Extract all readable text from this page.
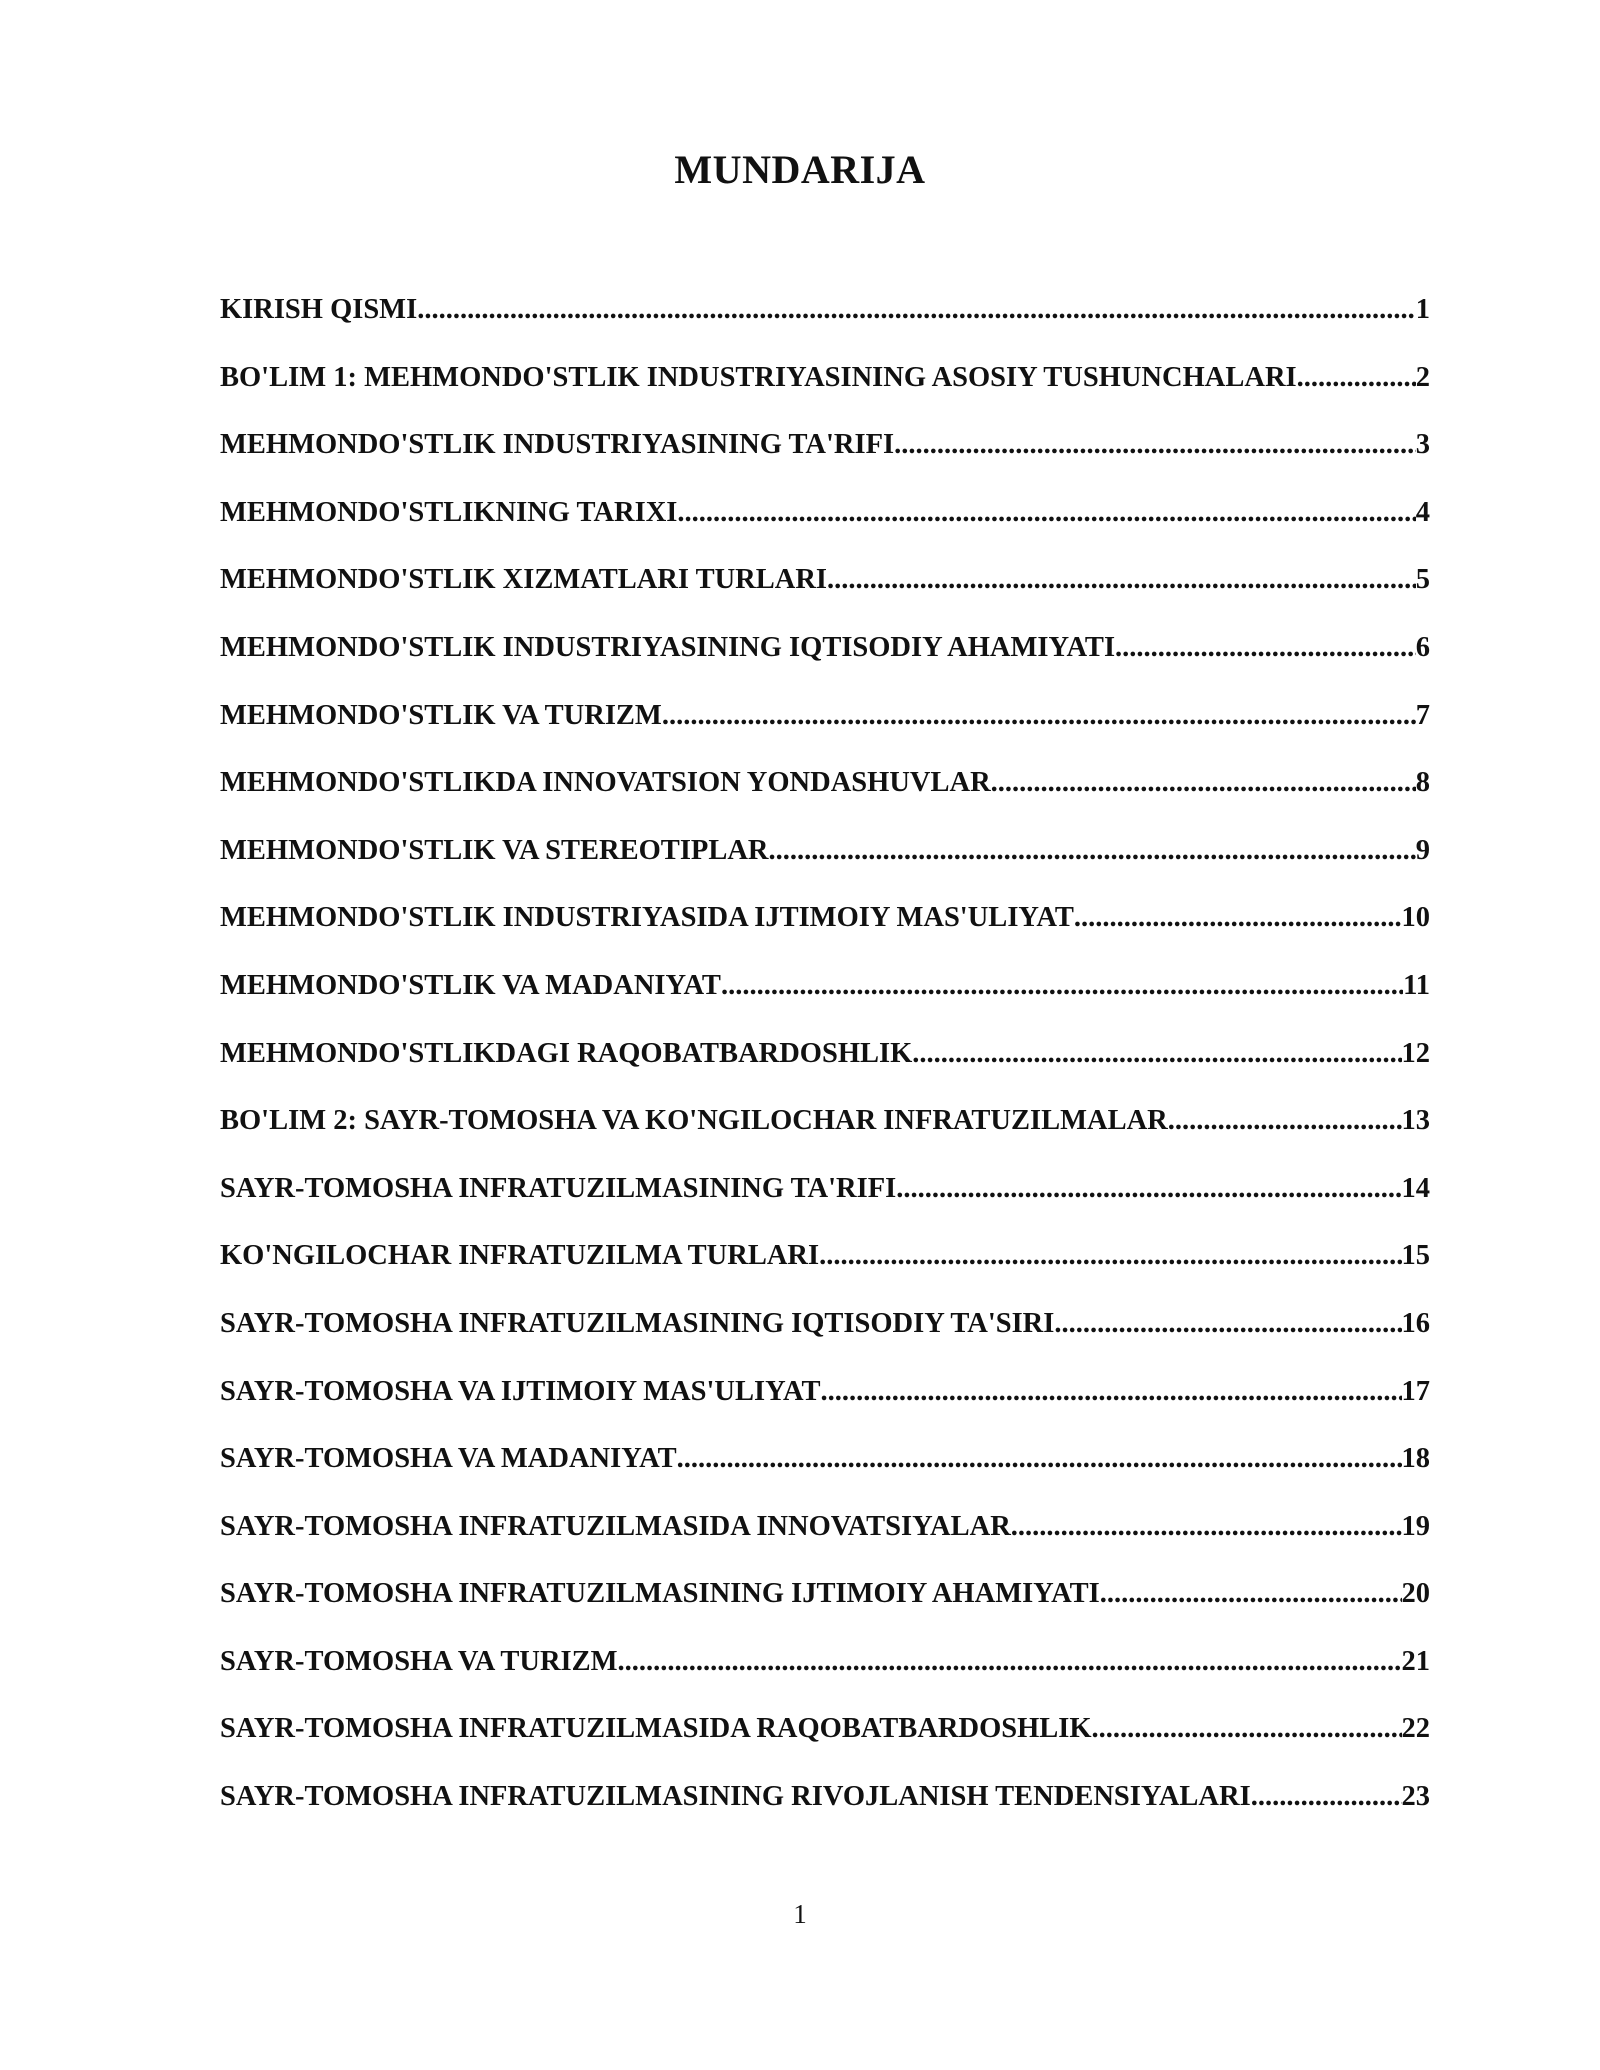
MUNDARIJA
KIRISH QISMI .....	1
BO'LIM 1: MEHMONDO'STLIK INDUSTRIYASINING ASOSIY TUSHUNCHALARI .....	2
MEHMONDO'STLIK INDUSTRIYASINING TA'RIFI .....	3
MEHMONDO'STLIKNING TARIXI .....	4
MEHMONDO'STLIK XIZMATLARI TURLARI .....	5
MEHMONDO'STLIK INDUSTRIYASINING IQTISODIY AHAMIYATI .....	6
MEHMONDO'STLIK VA TURIZM .....	7
MEHMONDO'STLIKDA INNOVATSION YONDASHUVLAR .....	8
MEHMONDO'STLIK VA STEREOTIPLAR .....	9
MEHMONDO'STLIK INDUSTRIYASIDA IJTIMOIY MAS'ULIYAT .....	10
MEHMONDO'STLIK VA MADANIYAT .....	11
MEHMONDO'STLIKDAGI RAQOBATBARDOSHLIK .....	12
BO'LIM 2: SAYR-TOMOSHA VA KO'NGILOCHAR INFRATUZILMALAR .....	13
SAYR-TOMOSHA INFRATUZILMASINING TA'RIFI .....	14
KO'NGILOCHAR INFRATUZILMA TURLARI .....	15
SAYR-TOMOSHA INFRATUZILMASINING IQTISODIY TA'SIRI .....	16
SAYR-TOMOSHA VA IJTIMOIY MAS'ULIYAT .....	17
SAYR-TOMOSHA VA MADANIYAT .....	18
SAYR-TOMOSHA INFRATUZILMASIDA INNOVATSIYALAR .....	19
SAYR-TOMOSHA INFRATUZILMASINING IJTIMOIY AHAMIYATI .....	20
SAYR-TOMOSHA VA TURIZM .....	21
SAYR-TOMOSHA INFRATUZILMASIDA RAQOBATBARDOSHLIK .....	22
SAYR-TOMOSHA INFRATUZILMASINING RIVOJLANISH TENDENSIYALARI .....	23
1
